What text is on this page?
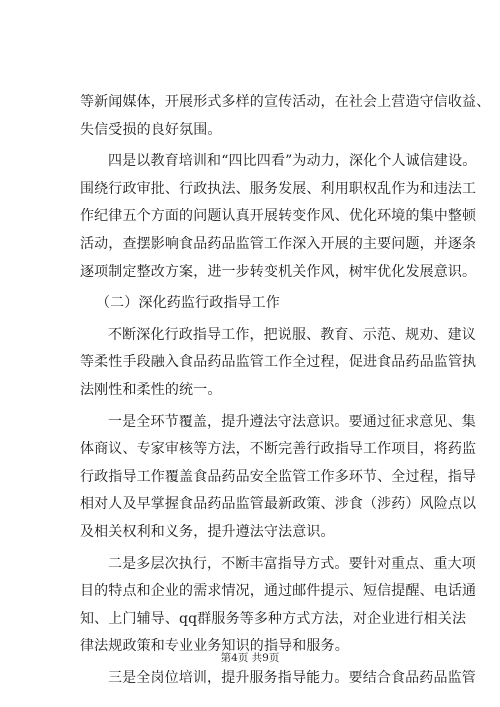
等新闻媒体，开展形式多样的宣传活动，在社会上营造守信收益、
失信受损的良好氛围。

四是以教育培训和“四比四看”为动力，深化个人诚信建设。
围绕行政审批、行政执法、服务发展、利用职权乱作为和违法工
作纪律五个方面的问题认真开展转变作风、优化环境的集中整顿
活动，查摆影响食品药品监管工作深入开展的主要问题，并逐条
逐项制定整改方案，进一步转变机关作风，树牢优化发展意识。

（二）深化药监行政指导工作

不断深化行政指导工作，把说服、教育、示范、规劝、建议
等柔性手段融入食品药品监管工作全过程，促进食品药品监管执
法刚性和柔性的统一。

一是全环节覆盖，提升遵法守法意识。要通过征求意见、集
体商议、专家审核等方法，不断完善行政指导工作项目，将药监
行政指导工作覆盖食品药品安全监管工作多环节、全过程，指导
相对人及早掌握食品药品监管最新政策、涉食（涉药）风险点以
及相关权利和义务，提升遵法守法意识。

二是多层次执行，不断丰富指导方式。要针对重点、重大项
目的特点和企业的需求情况，通过邮件提示、短信提醒、电话通
知、上门辅导、qq群服务等多种方式方法，对企业进行相关法
律法规政策和专业业务知识的指导和服务。

三是全岗位培训，提升服务指导能力。要结合食品药品监管

第4页 共9页
